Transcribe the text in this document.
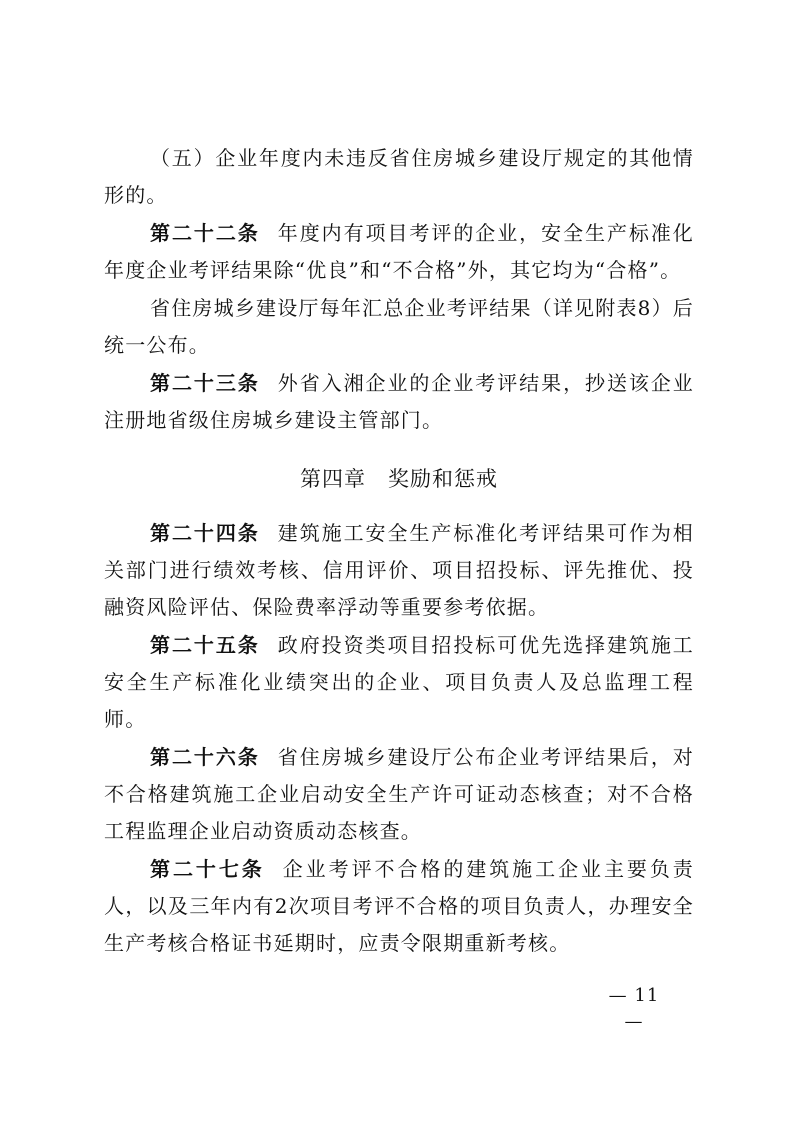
（五）企业年度内未违反省住房城乡建设厅规定的其他情形的。

第二十二条 年度内有项目考评的企业，安全生产标准化年度企业考评结果除“优良”和“不合格”外，其它均为“合格”。

省住房城乡建设厅每年汇总企业考评结果（详见附表8）后统一公布。

第二十三条 外省入湘企业的企业考评结果，抄送该企业注册地省级住房城乡建设主管部门。

第四章　奖励和惩戒

第二十四条 建筑施工安全生产标准化考评结果可作为相关部门进行绩效考核、信用评价、项目招投标、评先推优、投融资风险评估、保险费率浮动等重要参考依据。

第二十五条 政府投资类项目招投标可优先选择建筑施工安全生产标准化业绩突出的企业、项目负责人及总监理工程师。

第二十六条 省住房城乡建设厅公布企业考评结果后，对不合格建筑施工企业启动安全生产许可证动态核查；对不合格工程监理企业启动资质动态核查。

第二十七条 企业考评不合格的建筑施工企业主要负责人，以及三年内有2次项目考评不合格的项目负责人，办理安全生产考核合格证书延期时，应责令限期重新考核。

— 11 —
